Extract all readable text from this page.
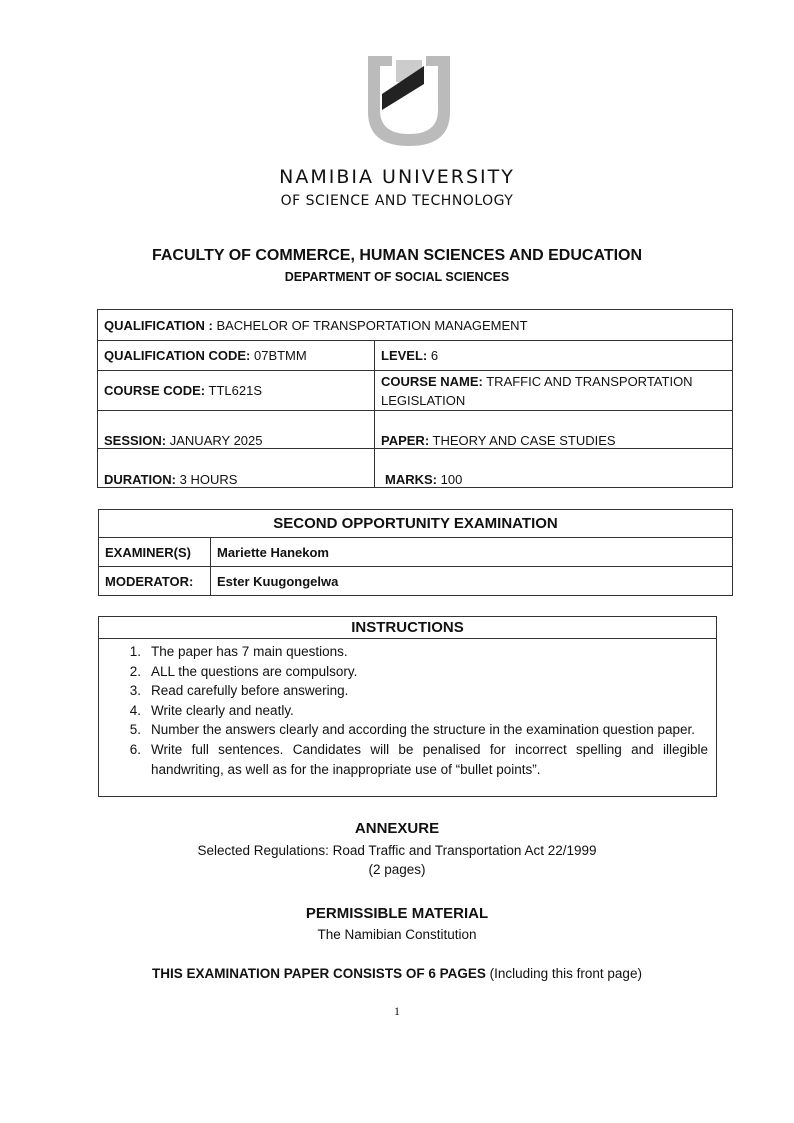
NAMIBIA UNIVERSITY
OF SCIENCE AND TECHNOLOGY
FACULTY OF COMMERCE, HUMAN SCIENCES AND EDUCATION
DEPARTMENT OF SOCIAL SCIENCES
QUALIFICATION : BACHELOR OF TRANSPORTATION MANAGEMENT	
QUALIFICATION CODE: 07BTMM	LEVEL: 6
COURSE CODE: TTL621S	COURSE NAME: TRAFFIC AND TRANSPORTATION LEGISLATION
SESSION: JANUARY 2025	PAPER: THEORY AND CASE STUDIES
DURATION: 3 HOURS	MARKS: 100
SECOND OPPORTUNITY EXAMINATION	
EXAMINER(S)	Mariette Hanekom
MODERATOR:	Ester Kuugongelwa
INSTRUCTIONS
1. The paper has 7 main questions.
2. ALL the questions are compulsory.
3. Read carefully before answering.
4. Write clearly and neatly.
5. Number the answers clearly and according the structure in the examination question paper.
6. Write full sentences. Candidates will be penalised for incorrect spelling and illegible handwriting, as well as for the inappropriate use of “bullet points”.
ANNEXURE
Selected Regulations: Road Traffic and Transportation Act 22/1999
(2 pages)
PERMISSIBLE MATERIAL
The Namibian Constitution
THIS EXAMINATION PAPER CONSISTS OF 6 PAGES (Including this front page)
1
